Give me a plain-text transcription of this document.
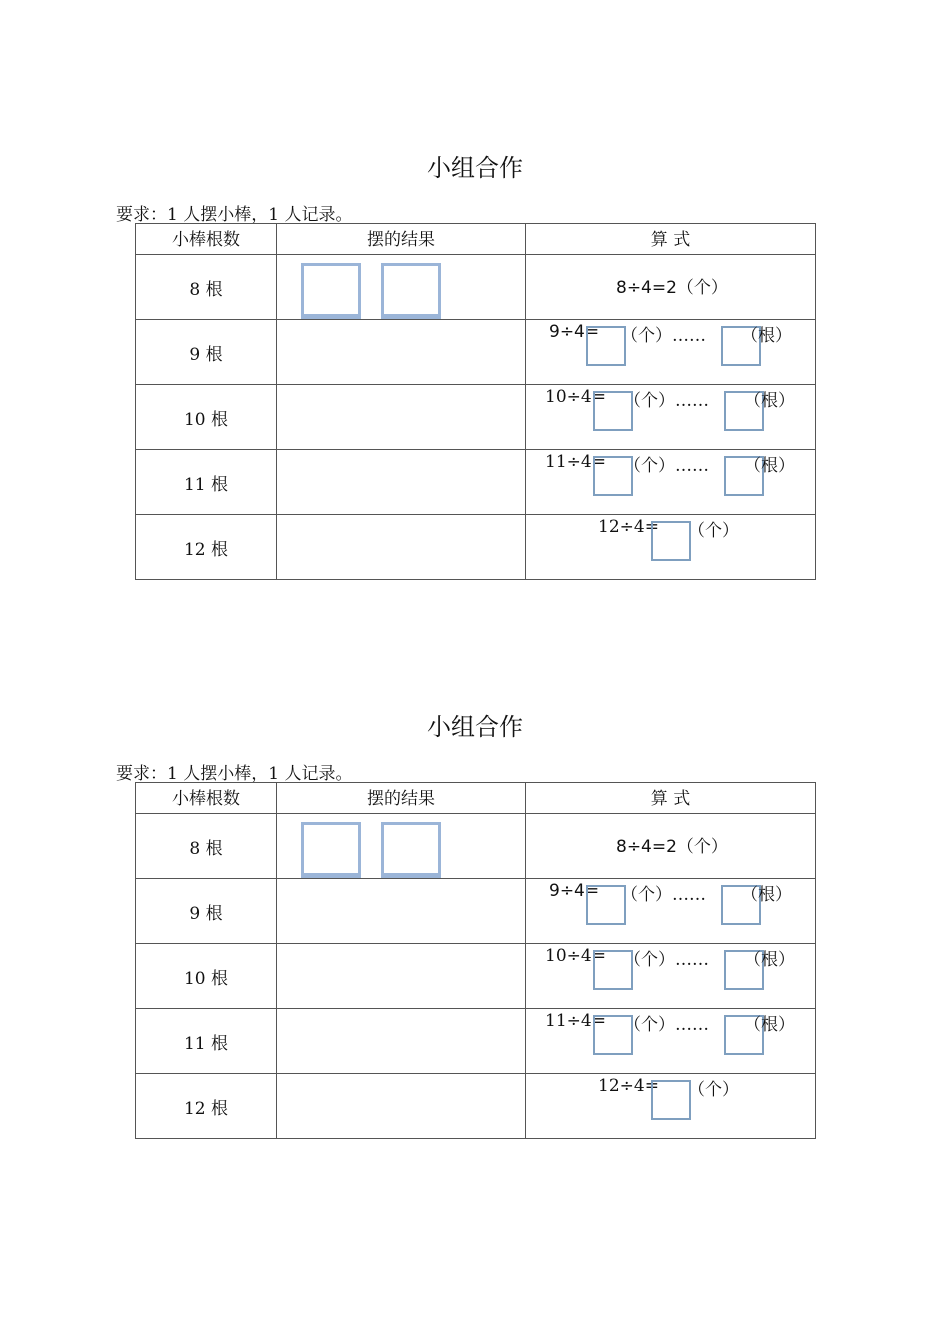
小组合作
要求：1 人摆小棒，1 人记录。
小棒根数	摆的结果	算 式

8 根		8÷4=2（个）

9 根		9÷4= （个）…… （根）

10 根		10÷4= （个）…… （根）

11 根		11÷4= （个）…… （根）

12 根		12÷4= （个）
小组合作
要求：1 人摆小棒，1 人记录。
小棒根数	摆的结果	算 式

8 根		8÷4=2（个）

9 根		9÷4= （个）…… （根）

10 根		10÷4= （个）…… （根）

11 根		11÷4= （个）…… （根）

12 根		12÷4= （个）
